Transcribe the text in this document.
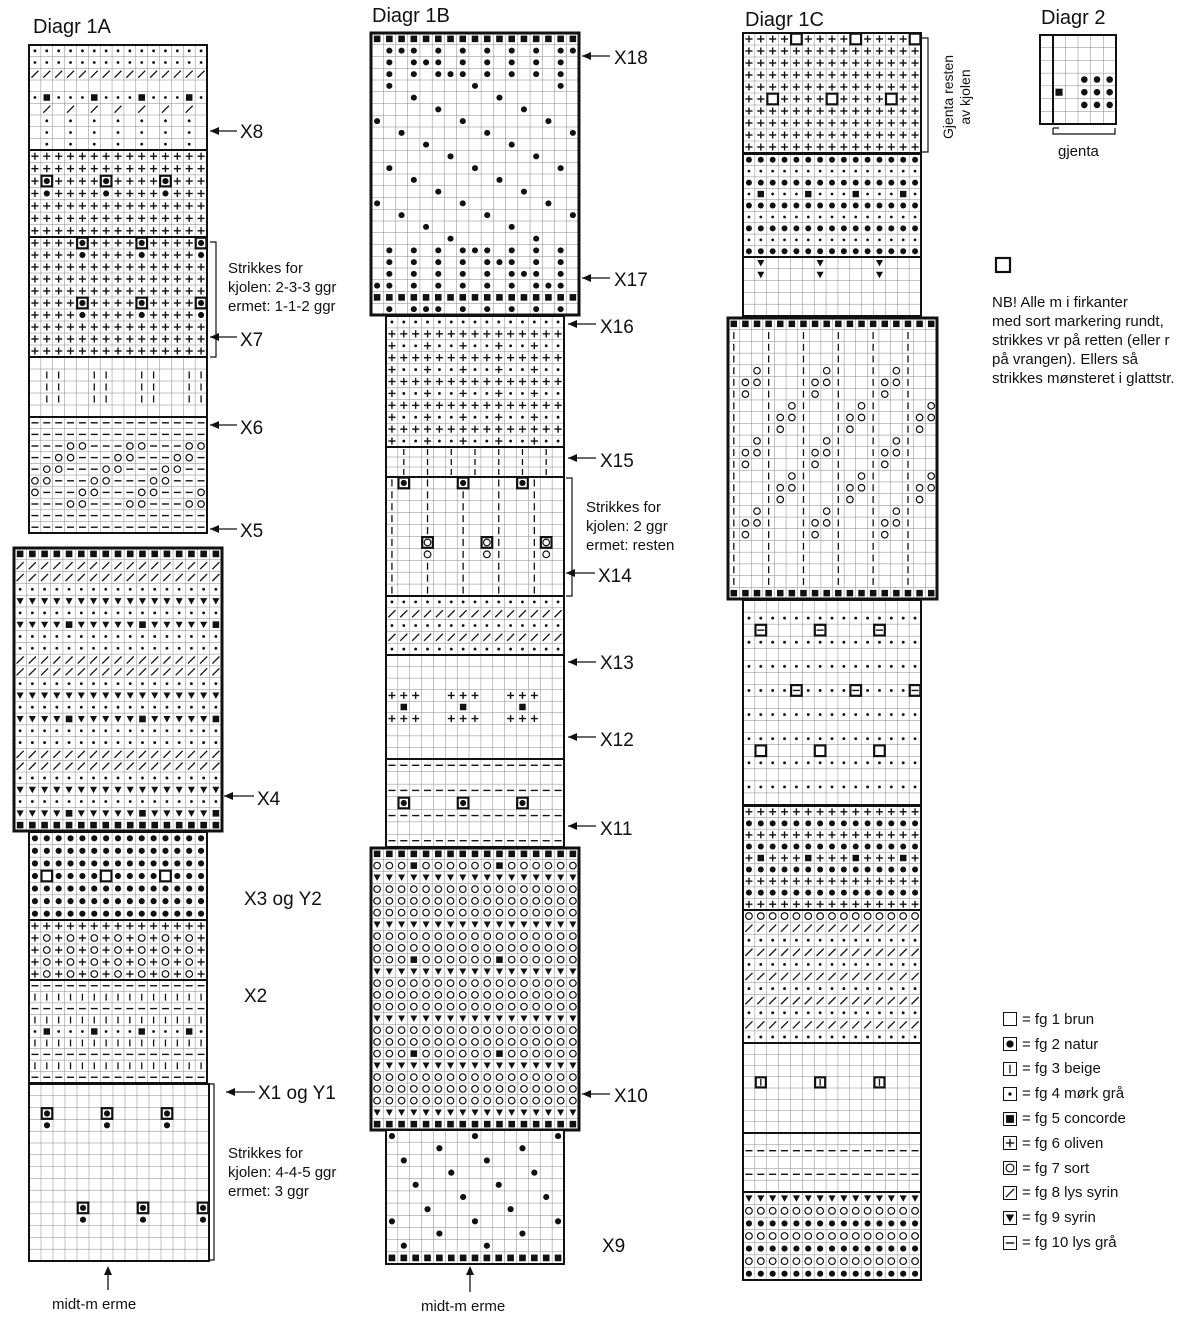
Diagr 1A	Diagr 1B	Diagr 1C	Diagr 2
X8
X7
X6
X5
X4
X3 og Y2
X2
X1 og Y1
Strikkes for
kjolen: 2-3-3 ggr
ermet: 1-1-2 ggr
Strikkes for
kjolen: 4-4-5 ggr
ermet: 3 ggr
midt-m erme
X18
X17
X16
X15
X14
X13
X12
X11
X10
X9
Strikkes for
kjolen: 2 ggr
ermet: resten
midt-m erme
Gjenta resten av kjolen
gjenta
NB! Alle m i firkanter
med sort markering rundt,
strikkes vr på retten (eller r
på vrangen). Ellers så
strikkes mønsteret i glattstr.
= fg 1 brun
= fg 2 natur
= fg 3 beige
= fg 4 mørk grå
= fg 5 concorde
= fg 6 oliven
= fg 7 sort
= fg 8 lys syrin
= fg 9 syrin
= fg 10 lys grå
